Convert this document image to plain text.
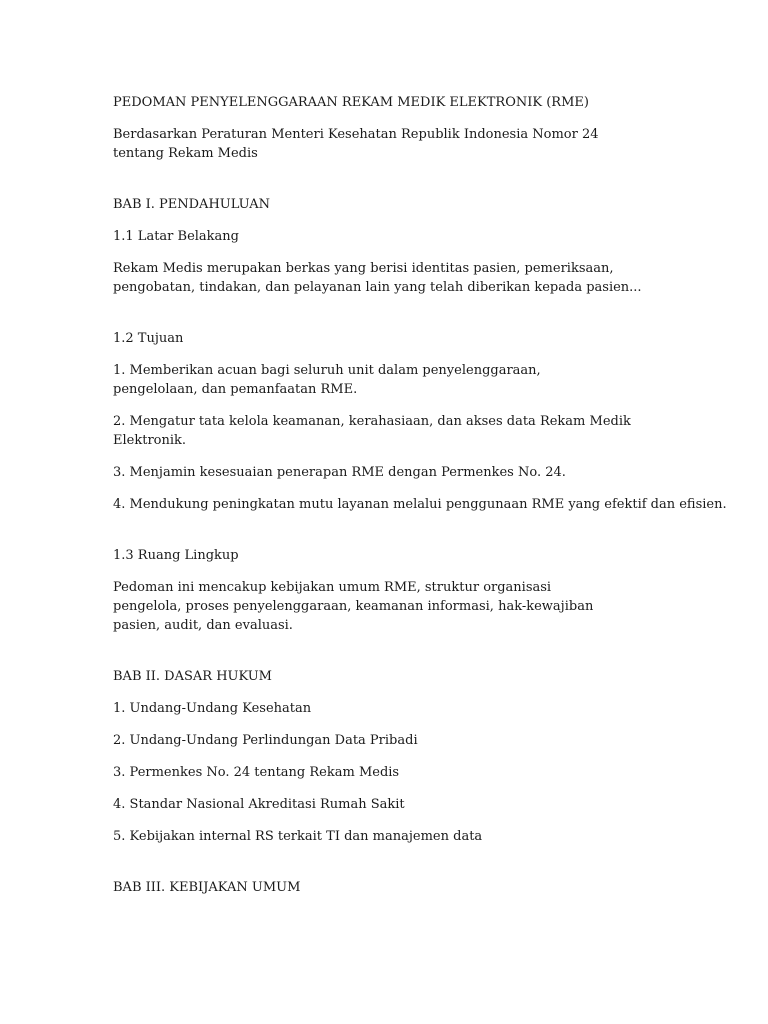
PEDOMAN PENYELENGGARAAN REKAM MEDIK ELEKTRONIK (RME)

Berdasarkan Peraturan Menteri Kesehatan Republik Indonesia Nomor 24 tentang Rekam Medis

BAB I. PENDAHULUAN

1.1 Latar Belakang

Rekam Medis merupakan berkas yang berisi identitas pasien, pemeriksaan, pengobatan, tindakan, dan pelayanan lain yang telah diberikan kepada pasien...

1.2 Tujuan

1. Memberikan acuan bagi seluruh unit dalam penyelenggaraan, pengelolaan, dan pemanfaatan RME.

2. Mengatur tata kelola keamanan, kerahasiaan, dan akses data Rekam Medik Elektronik.

3. Menjamin kesesuaian penerapan RME dengan Permenkes No. 24.

4. Mendukung peningkatan mutu layanan melalui penggunaan RME yang efektif dan efisien.

1.3 Ruang Lingkup

Pedoman ini mencakup kebijakan umum RME, struktur organisasi pengelola, proses penyelenggaraan, keamanan informasi, hak-kewajiban pasien, audit, dan evaluasi.

BAB II. DASAR HUKUM

1. Undang-Undang Kesehatan

2. Undang-Undang Perlindungan Data Pribadi

3. Permenkes No. 24 tentang Rekam Medis

4. Standar Nasional Akreditasi Rumah Sakit

5. Kebijakan internal RS terkait TI dan manajemen data

BAB III. KEBIJAKAN UMUM
